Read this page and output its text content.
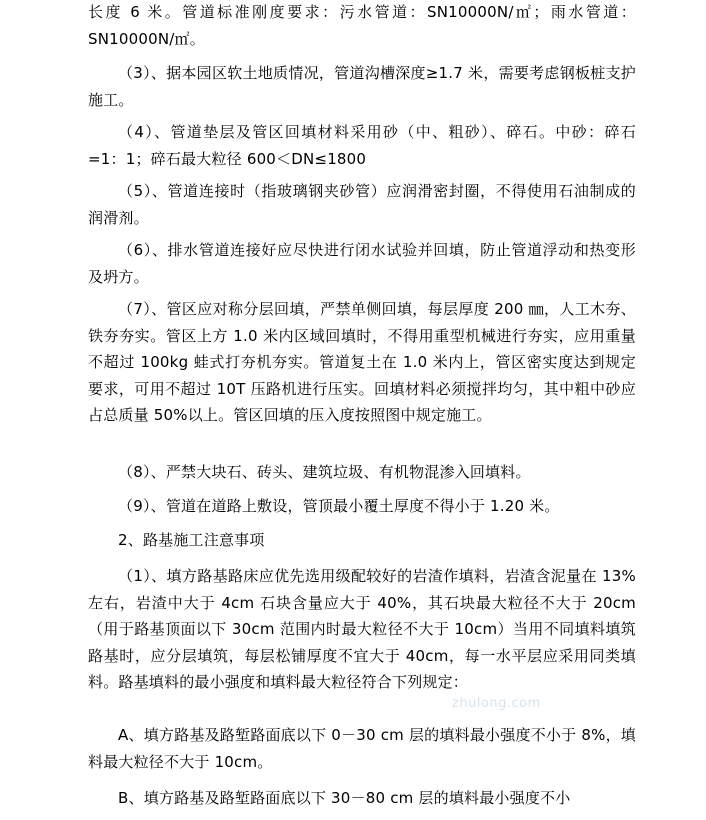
长度 6 米。管道标准刚度要求：污水管道：SN10000N/㎡；雨水管道：SN10000N/㎡。

（3）、据本园区软土地质情况，管道沟槽深度≥1.7 米，需要考虑钢板桩支护施工。

（4）、管道垫层及管区回填材料采用砂（中、粗砂）、碎石。中砂：碎石=1：1；碎石最大粒径 600＜DN≤1800

（5）、管道连接时（指玻璃钢夹砂管）应润滑密封圈，不得使用石油制成的润滑剂。

（6）、排水管道连接好应尽快进行闭水试验并回填，防止管道浮动和热变形及坍方。

（7）、管区应对称分层回填，严禁单侧回填，每层厚度 200 ㎜，人工木夯、铁夯夯实。管区上方 1.0 米内区域回填时，不得用重型机械进行夯实，应用重量不超过 100kg 蛙式打夯机夯实。管道复土在 1.0 米内上，管区密实度达到规定要求，可用不超过 10T 压路机进行压实。回填材料必须搅拌均匀，其中粗中砂应占总质量 50%以上。管区回填的压入度按照图中规定施工。

（8）、严禁大块石、砖头、建筑垃圾、有机物混渗入回填料。

（9）、管道在道路上敷设，管顶最小覆土厚度不得小于 1.20 米。

2、路基施工注意事项

（1）、填方路基路床应优先选用级配较好的岩渣作填料，岩渣含泥量在 13%左右，岩渣中大于 4cm 石块含量应大于 40%，其石块最大粒径不大于 20cm（用于路基顶面以下 30cm 范围内时最大粒径不大于 10cm）当用不同填料填筑路基时，应分层填筑，每层松铺厚度不宜大于 40cm，每一水平层应采用同类填料。路基填料的最小强度和填料最大粒径符合下列规定：

A、填方路基及路堑路面底以下 0－30 cm 层的填料最小强度不小于 8%，填料最大粒径不大于 10cm。

B、填方路基及路堑路面底以下 30－80 cm 层的填料最小强度不小

zhulong.com
